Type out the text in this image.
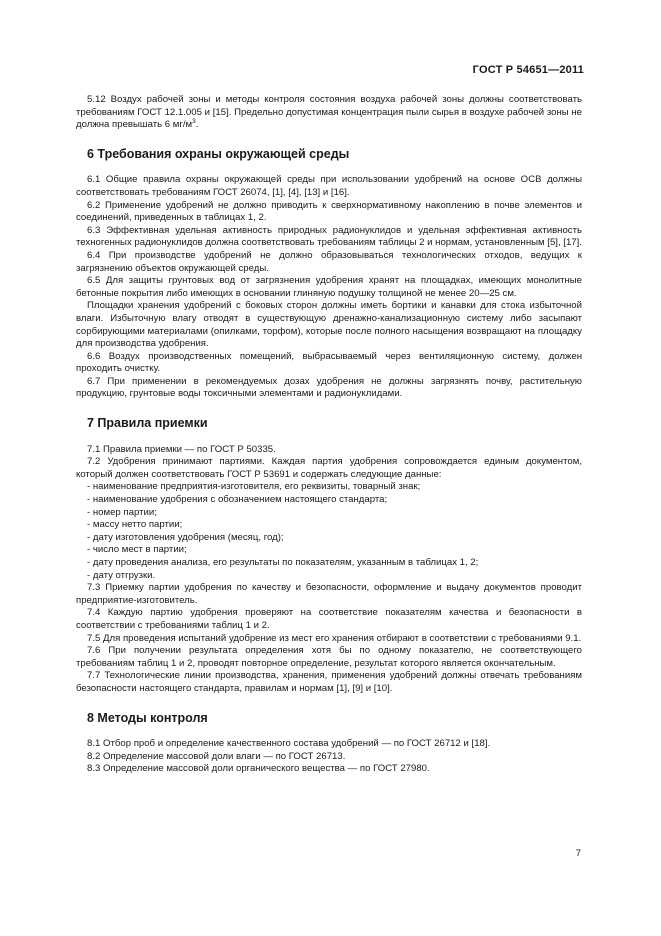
ГОСТ Р 54651—2011

5.12 Воздух рабочей зоны и методы контроля состояния воздуха рабочей зоны должны соответствовать требованиям ГОСТ 12.1.005 и [15]. Предельно допустимая концентрация пыли сырья в воздухе рабочей зоны не должна превышать 6 $мг/м^3$.

6 Требования охраны окружающей среды

6.1 Общие правила охраны окружающей среды при использовании удобрений на основе ОСВ должны соответствовать требованиям ГОСТ 26074, [1], [4], [13] и [16].

6.2 Применение удобрений не должно приводить к сверхнормативному накоплению в почве элементов и соединений, приведенных в таблицах 1, 2.

6.3 Эффективная удельная активность природных радионуклидов и удельная эффективная активность техногенных радионуклидов должна соответствовать требованиям таблицы 2 и нормам, установленным [5], [17].

6.4 При производстве удобрений не должно образовываться технологических отходов, ведущих к загрязнению объектов окружающей среды.

6.5 Для защиты грунтовых вод от загрязнения удобрения хранят на площадках, имеющих монолитные бетонные покрытия либо имеющих в основании глиняную подушку толщиной не менее 20—25 см.

Площадки хранения удобрений с боковых сторон должны иметь бортики и канавки для стока избыточной влаги. Избыточную влагу отводят в существующую дренажно-канализационную систему либо засыпают сорбирующими материалами (опилками, торфом), которые после полного насыщения возвращают на площадку для производства удобрения.

6.6 Воздух производственных помещений, выбрасываемый через вентиляционную систему, должен проходить очистку.

6.7 При применении в рекомендуемых дозах удобрения не должны загрязнять почву, растительную продукцию, грунтовые воды токсичными элементами и радионуклидами.

7 Правила приемки

7.1 Правила приемки — по ГОСТ Р 50335.

7.2 Удобрения принимают партиями. Каждая партия удобрения сопровождается единым документом, который должен соответствовать ГОСТ Р 53691 и содержать следующие данные:

- наименование предприятия-изготовителя, его реквизиты, товарный знак;

- наименование удобрения с обозначением настоящего стандарта;

- номер партии;

- массу нетто партии;

- дату изготовления удобрения (месяц, год);

- число мест в партии;

- дату проведения анализа, его результаты по показателям, указанным в таблицах 1, 2;

- дату отгрузки.

7.3 Приемку партии удобрения по качеству и безопасности, оформление и выдачу документов проводит предприятие-изготовитель.

7.4 Каждую партию удобрения проверяют на соответствие показателям качества и безопасности в соответствии с требованиями таблиц 1 и 2.

7.5 Для проведения испытаний удобрение из мест его хранения отбирают в соответствии с требованиями 9.1.

7.6 При получении результата определения хотя бы по одному показателю, не соответствующего требованиям таблиц 1 и 2, проводят повторное определение, результат которого является окончательным.

7.7 Технологические линии производства, хранения, применения удобрений должны отвечать требованиям безопасности настоящего стандарта, правилам и нормам [1], [9] и [10].

8 Методы контроля

8.1 Отбор проб и определение качественного состава удобрений — по ГОСТ 26712 и [18].

8.2 Определение массовой доли влаги — по ГОСТ 26713.

8.3 Определение массовой доли органического вещества — по ГОСТ 27980.

7
